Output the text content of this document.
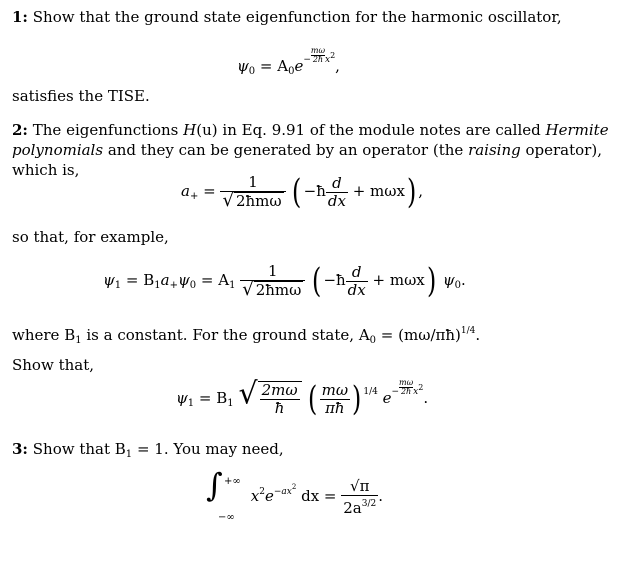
1: Show that the ground state eigenfunction for the harmonic oscillator,
$\psi_0 = A_0e^- \frac{m\omega}{2ħ} ^{x2}$,
satisfies the TISE.
2: The eigenfunctions H(u) in Eq. 9.91 of the module notes are called Hermite
polynomials and they can be generated by an operator (the raising operator),
which is,
$a_+ = \frac{1}{\text{√ 2ħmω}}$ ( −ħ $\frac{d}{dx} + m\omega x$) ,
so that, for example,
$\psi_1 = B_1a_+\psi_0 = A_1 \frac{1}{\text{√ 2ħmω}}$ ( −ħ $\frac{d}{dx} + m\omega x$) $\psi_0$.
where $B_1$ is a constant. For the ground state, $A_0$ = (mω/πħ)$^{1/4}$.
Show that,
$\psi_1 = B_1$ √ $\frac{2m\omega}{ħ}$ ( $\frac{m\omega}{\pi ħ}$ ) $^{1/4}$ $e^- \frac{m\omega}{2ħ} ^{x2}$.
3: Show that $B_1 = 1$. You may need,
∫ +∞
−∞
$x^2e^{-ax2}$ dx = $\frac{√\pi}{2a^{3/2}}$ .
